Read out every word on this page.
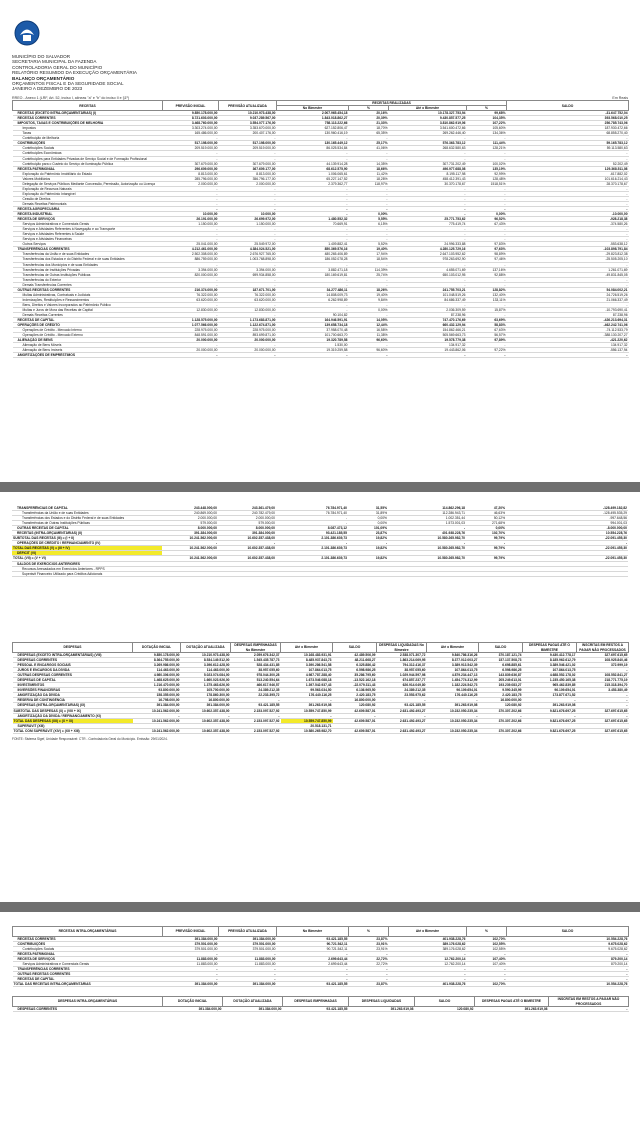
MUNICÍPIO DO SALVADOR
SECRETARIA MUNICIPAL DA FAZENDA
CONTROLADORIA GERAL DO MUNICÍPIO
RELATÓRIO RESUMIDO DA EXECUÇÃO ORÇAMENTÁRIA
BALANÇO ORÇAMENTÁRIO
ORÇAMENTOS FISCAL E DA SEGURIDADE SOCIAL
JANEIRO A DEZEMBRO DE 2023
RREO - Anexo 1 (LRF, Art. 52, inciso I, alíneas "a" e "b" do inciso II e §1º)	Em Reais
RECEITAS	PREVISÃO INICIAL	PREVISÃO ATUALIZADA	RECEITAS REALIZADAS				SALDO
			No Bimestre	%	Até o Bimestre	%	
RECEITAS (EXCETO INTRA-ORÇAMENTÁRIAS) (I)	9.850.178.000,00	10.210.973.438,00	2.007.965.454,18	20,16%	10.178.327.753,94	99,68%	-31.647.752,04
RECEITAS CORRENTES	8.721.603.000,00	9.037.289.567,00	1.843.018.862,27	20,39%	9.430.857.577,25	104,35%	393.568.010,25
IMPOSTOS, TAXAS E CONTRIBUIÇÕES DE MELHORIA	3.468.760.000,00	3.554.077.176,00	758.113.222,66	21,33%	3.810.862.919,06	107,22%	256.785.743,06
Impostos	3.303.274.000,00	3.353.670.000,00	627.152.806,47	18,70%	3.541.600.472,66	105,60%	187.930.472,66
Taxas	165.486.000,00	200.407.176,00	130.960.416,19	65,35%	269.262.446,40	134,36%	68.855.270,40
Contribuição de Melhoria	-	-	-	-	-	-	-
CONTRIBUIÇÕES	517.198.000,00	517.198.000,00	130.165.449,12	25,17%	576.363.783,12	111,44%	59.165.783,12
Contribuições Sociais	209.519.000,00	209.519.000,00	86.025.534,84	41,06%	268.632.580,63	128,21%	59.113.580,63
Contribuições Econômicas	-	-	-	-	-	-	-
Contribuições para Entidades Privadas de Serviço Social e de Formação Profissional	-	-	-	-	-	-	-
Contribuição para o Custeio do Serviço de Iluminação Pública	307.679.000,00	307.679.000,00	44.139.914,28	14,35%	307.731.202,49	100,02%	52.202,49
RECEITA PATRIMONIAL	296.609.000,00	367.609.177,00	68.612.575,90	18,66%	496.977.688,08	135,19%	129.368.511,08
Exploração do Patrimônio Imobiliário do Estado	8.813.000,00	8.813.000,00	1.006.065,61	11,42%	8.195.117,98	92,99%	-617.882,02
Valores Mobiliários	285.796.000,00	356.796.177,00	65.227.147,52	18,28%	458.412.391,43	128,48%	101.616.214,43
Delegação de Serviços Públicos Mediante Concessão, Permissão, Autorização ou Licença	2.000.000,00	2.000.000,00	2.379.362,77	118,97%	30.370.178,67	1518,51%	28.370.178,67
Exploração de Recursos Naturais	-	-	-	-	-	-	-
Exploração do Patrimônio Intangível	-	-	-	-	-	-	-
Cessão de Direitos	-	-	-	-	-	-	-
Demais Receitas Patrimoniais	-	-	-	-	-	-	-
RECEITA AGROPECUÁRIA	-	-	-	-	-	-	-
RECEITA INDUSTRIAL	10.000,00	10.000,00	-	0,00%	-	0,00%	-10.000,00
RECEITA DE SERVIÇOS	26.191.000,00	26.699.972,00	1.480.552,32	5,55%	25.771.753,62	96,52%	-928.218,38
Serviços Administrativos e Comerciais Gerais	1.150.000,00	1.150.000,00	70.669,91	6,15%	775.419,74	67,43%	-374.580,26
Serviços e Atividades Referentes à Navegação e ao Transporte	-	-	-	-	-	-	-
Serviços e Atividades Referentes à Saúde	-	-	-	-	-	-	-
Serviços e Atividades Financeiras	-	-	-	-	-	-	-
Outros Serviços	25.041.000,00	25.549.972,00	1.409.882,41	5,52%	24.996.333,88	97,83%	-553.638,12
TRANSFERÊNCIAS CORRENTES	4.212.461.000,00	4.384.024.521,00	850.369.576,16	19,40%	4.280.125.729,16	97,63%	-103.898.791,84
Transferências da União e de suas Entidades	2.502.308.000,00	2.676.927.765,00	480.265.406,89	17,94%	2.647.103.952,62	98,89%	-29.823.812,38
Transferências dos Estados e do Distrito Federal e de suas Entidades	886.759.000,00	1.003.768.898,00	186.052.078,28	18,54%	978.263.692,90	97,46%	-25.505.205,10
Transferências dos Municípios e de suas Entidades	-	-	-	-	-	-	-
Transferências de Instituições Privadas	3.394.000,00	3.394.000,00	3.882.471,18	114,39%	4.655.071,69	137,16%	1.261.071,69
Transferências de Outras Instituições Públicas	820.000.000,00	699.934.858,00	180.169.619,81	25,74%	650.103.012,95	92,88%	-49.831.845,05
Transferências do Exterior	-	-	-	-	-	-	-
Demais Transferências Correntes	-	-	-	-	-	-	-
OUTRAS RECEITAS CORRENTES	216.374.000,00	187.671.701,00	34.277.486,11	18,26%	241.755.703,21	128,82%	54.084.002,21
Multas Administrativas, Contratuais e Judiciais	76.322.000,00	76.322.000,00	14.808.009,73	19,40%	101.048.519,26	132,40%	24.726.519,26
Indenizações, Restituições e Ressarcimentos	63.620.000,00	63.620.000,00	6.262.998,89	9,84%	84.686.337,49	133,11%	21.066.337,49
Bens, Direitos e Valores Incorporados ao Patrimônio Público	-	-	-	-	-	-	-
Multas e Juros de Mora das Receitas de Capital	12.830.000,00	12.830.000,00	-	0,00%	2.036.309,59	15,87%	-10.793.690,41
Demais Receitas Correntes	-	-	90.104,82	-	87.238,96	-	87.238,96
RECEITAS DE CAPITAL	1.128.575.000,00	1.173.683.871,00	164.946.591,91	14,05%	747.470.176,69	63,69%	-426.213.694,31
OPERAÇÕES DE CRÉDITO	1.077.566.000,00	1.122.674.871,00	139.658.734,18	12,44%	660.432.129,94	58,83%	-462.242.741,06
Operações de Crédito - Mercado Interno	228.975.000,00	228.975.000,00	37.958.070,48	16,58%	154.862.466,21	67,63%	-74.112.533,79
Operações de Crédito - Mercado Externo	848.591.000,00	893.699.871,00	101.700.663,70	11,38%	505.569.663,73	56,57%	-388.130.207,27
ALIENAÇÃO DE BENS	20.000.000,00	20.000.000,00	19.320.789,58	96,60%	19.578.779,38	97,89%	-421.220,62
Alienação de Bens Móveis	-	-	1.530,00	-	134.917,32	-	134.917,32
Alienação de Bens Imóveis	20.000.000,00	20.000.000,00	19.319.259,58	96,60%	19.443.862,06	97,22%	-556.137,94
AMORTIZAÇÕES DE EMPRÉSTIMOS	-	-	-	-	-	-	-
TRANSFERÊNCIAS DE CAPITAL	243.448.000,00	243.361.479,00	76.784.971,40	31,55%	114.862.296,18	47,20%	-128.499.182,82
Transferências da União e de suas Entidades	240.869.000,00	240.782.479,00	76.784.971,40	31,89%	112.286.943,71	46,63%	-128.495.535,29
Transferências dos Estados e do Distrito Federal e de suas Entidades	2.000.000,00	2.000.000,00	-	0,00%	1.002.351,44	50,12%	-997.648,56
Transferências de Outras Instituições Públicas	579.000,00	579.000,00	-	0,00%	1.573.001,03	271,68%	994.001,03
OUTRAS RECEITAS DE CAPITAL	8.000.000,00	8.000.000,00	8.087.473,12	101,09%	-	0,00%	-8.000.000,00
RECEITAS (INTRA-ORÇAMENTÁRIAS) (II)	391.384.000,00	391.384.000,00	93.421.185,55	23,87%	401.938.228,76	102,70%	10.554.228,76
SUBTOTAL DAS RECEITAS (III) = (I + II)	10.241.562.000,00	10.602.357.438,00	2.101.386.639,73	19,82%	10.580.265.982,70	99,79%	-22.091.455,30
OPERAÇÕES DE CRÉDITO / REFINANCIAMENTO (IV)	-	-	-	-	-	-	-
TOTAL DAS RECEITAS (V) = (III + IV)	10.241.562.000,00	10.602.357.438,00	2.101.386.639,73	19,82%	10.580.265.982,70	99,79%	-22.091.455,30
DÉFICIT (VI)							
TOTAL (VII) = (V + VI)	10.241.562.000,00	10.602.357.438,00	2.101.386.639,73	19,82%	10.580.265.982,70	99,79%	-22.091.455,30
SALDOS DE EXERCÍCIOS ANTERIORES							
Recursos Arrecadados em Exercícios Anteriores - RPPS							
Superávit Financeiro Utilizado para Créditos Adicionais							
DESPESAS	DOTAÇÃO INICIAL	DOTAÇÃO ATUALIZADA	DESPESAS EMPENHADAS No Bimestre	Até o Bimestre	SALDO	DESPESAS LIQUIDADAS No Bimestre	Até o Bimestre	SALDO	DESPESAS PAGAS ATÉ O BIMESTRE	INSCRITAS EM RESTOS A PAGAR NÃO PROCESSADOS
DESPESAS (EXCETO INTRA-ORÇAMENTÁRIAS) (VIII)	9.850.178.000,00	10.210.973.438,00	2.059.676.342,37	10.168.483.931,91	42.489.506,09	2.538.071.307,72	9.840.786.316,26	370.187.121,74	9.430.412.778,17	327.697.615,65
DESPESAS CORRENTES	8.364.755.000,00	8.534.149.512,00	1.545.435.787,73	8.485.937.843,73	48.211.668,27	1.863.214.069,95	8.377.012.003,27	157.137.508,73	8.185.962.612,79	108.925.840,46
PESSOAL E ENCARGOS SOCIAIS	3.269.986.000,00	3.396.612.428,00	528.434.431,85	3.390.286.541,58	6.325.886,42	794.312.416,37	3.389.913.542,39	6.698.885,61	3.389.546.421,02	372.999,19
JUROS E ENCARGOS DA DÍVIDA	114.463.000,00	114.463.000,00	38.957.055,60	107.864.013,75	6.598.986,25	38.957.055,60	107.864.013,75	6.598.986,25	107.864.013,75	-
OUTRAS DESPESAS CORRENTES	4.980.306.000,00	5.023.074.084,00	978.044.300,28	4.987.787.288,40	35.286.795,60	1.029.944.597,98	4.879.234.447,13	143.839.636,87	4.688.552.178,02	108.552.841,27
DESPESAS DE CAPITAL	1.468.625.000,00	1.660.023.926,00	513.240.554,64	1.673.546.088,18	-13.522.162,18	674.857.237,77	1.454.774.312,99	205.249.613,01	1.235.450.165,38	218.771.775,19
INVESTIMENTOS	1.216.470.000,00	1.375.463.626,00	466.617.946,57	1.397.542.937,43	-22.079.311,43	626.914.049,80	1.182.224.542,73	193.239.083,27	965.462.839,85	215.318.394,70
INVERSÕES FINANCEIRAS	93.800.000,00	105.700.000,00	24.389.212,35	99.563.034,50	6.136.965,50	24.389.212,35	96.109.654,01	9.590.345,99	96.109.654,01	3.453.380,49
AMORTIZAÇÃO DA DÍVIDA	158.355.000,00	178.860.300,00	22.233.395,72	176.440.116,25	2.420.183,75	23.553.975,62	176.440.116,25	2.420.183,75	173.877.671,52	-
RESERVA DE CONTINGÊNCIA	16.798.000,00	16.800.000,00	-	-	16.800.000,00	-	-	16.800.000,00	-	-
DESPESAS (INTRA-ORÇAMENTÁRIAS) (IX)	391.384.000,00	391.384.000,00	93.421.185,55	391.263.919,08	120.080,92	93.421.185,55	391.263.919,08	120.080,92	391.263.919,08	-
SUBTOTAL DAS DESPESAS (X) = (VIII + IX)	10.241.562.000,00	10.602.357.438,00	2.153.097.527,92	10.559.747.850,99	42.609.587,01	2.631.492.493,27	10.232.050.235,34	370.307.202,66	9.821.676.697,25	327.697.615,65
AMORTIZAÇÃO DA DÍVIDA / REFINANCIAMENTO (XI)	-	-	-	-	-	-	-	-	-	-
TOTAL DAS DESPESAS (XII) = (X + XI)	10.241.562.000,00	10.602.357.438,00	2.153.097.527,92	10.559.747.850,99	42.609.587,01	2.631.492.493,27	10.232.050.235,34	370.307.202,66	9.821.676.697,25	327.697.615,65
SUPERÁVIT (XIII)				20.518.131,71						
TOTAL COM SUPERÁVIT (XIV) = (XII + XIII)	10.241.562.000,00	10.602.357.438,00	2.153.097.527,92	10.580.265.982,70	42.609.587,01	2.631.492.493,27	10.232.050.235,34	370.307.202,66	9.821.676.697,25	327.697.615,65
FONTE: Sistema Sigef, Unidade Responsável: CTR - Controladoria Geral do Município. Emissão: 29/01/2024.
RECEITAS INTRA-ORÇAMENTÁRIAS	PREVISÃO INICIAL	PREVISÃO ATUALIZADA	No Bimestre	%	Até o Bimestre	%	SALDO
RECEITAS CORRENTES	391.384.000,00	391.384.000,00	93.421.185,55	23,87%	401.938.228,76	102,70%	10.554.228,76
CONTRIBUIÇÕES	379.501.000,00	379.501.000,00	90.721.542,11	23,91%	389.176.028,62	102,55%	9.675.028,62
Contribuições Sociais	379.501.000,00	379.501.000,00	90.721.542,11	23,91%	389.176.028,62	102,55%	9.675.028,62
RECEITA PATRIMONIAL	-	-	-	-	-	-	-
RECEITA DE SERVIÇOS	11.883.000,00	11.883.000,00	2.699.643,44	22,72%	12.762.200,14	107,40%	879.200,14
Serviços Administrativos e Comerciais Gerais	11.883.000,00	11.883.000,00	2.699.643,44	22,72%	12.762.200,14	107,40%	879.200,14
TRANSFERÊNCIAS CORRENTES	-	-	-	-	-	-	-
OUTRAS RECEITAS CORRENTES	-	-	-	-	-	-	-
RECEITAS DE CAPITAL	-	-	-	-	-	-	-
TOTAL DAS RECEITAS INTRA-ORÇAMENTÁRIAS	391.384.000,00	391.384.000,00	93.421.185,55	23,87%	401.938.228,76	102,70%	10.554.228,76
DESPESAS INTRA-ORÇAMENTÁRIAS	DOTAÇÃO INICIAL	DOTAÇÃO ATUALIZADA	DESPESAS EMPENHADAS	DESPESAS LIQUIDADAS	SALDO	DESPESAS PAGAS ATÉ O BIMESTRE	INSCRITAS EM RESTOS A PAGAR NÃO PROCESSADOS
DESPESAS CORRENTES	391.384.000,00	391.384.000,00	93.421.185,55	391.263.919,08	120.080,92	391.263.919,08	-
